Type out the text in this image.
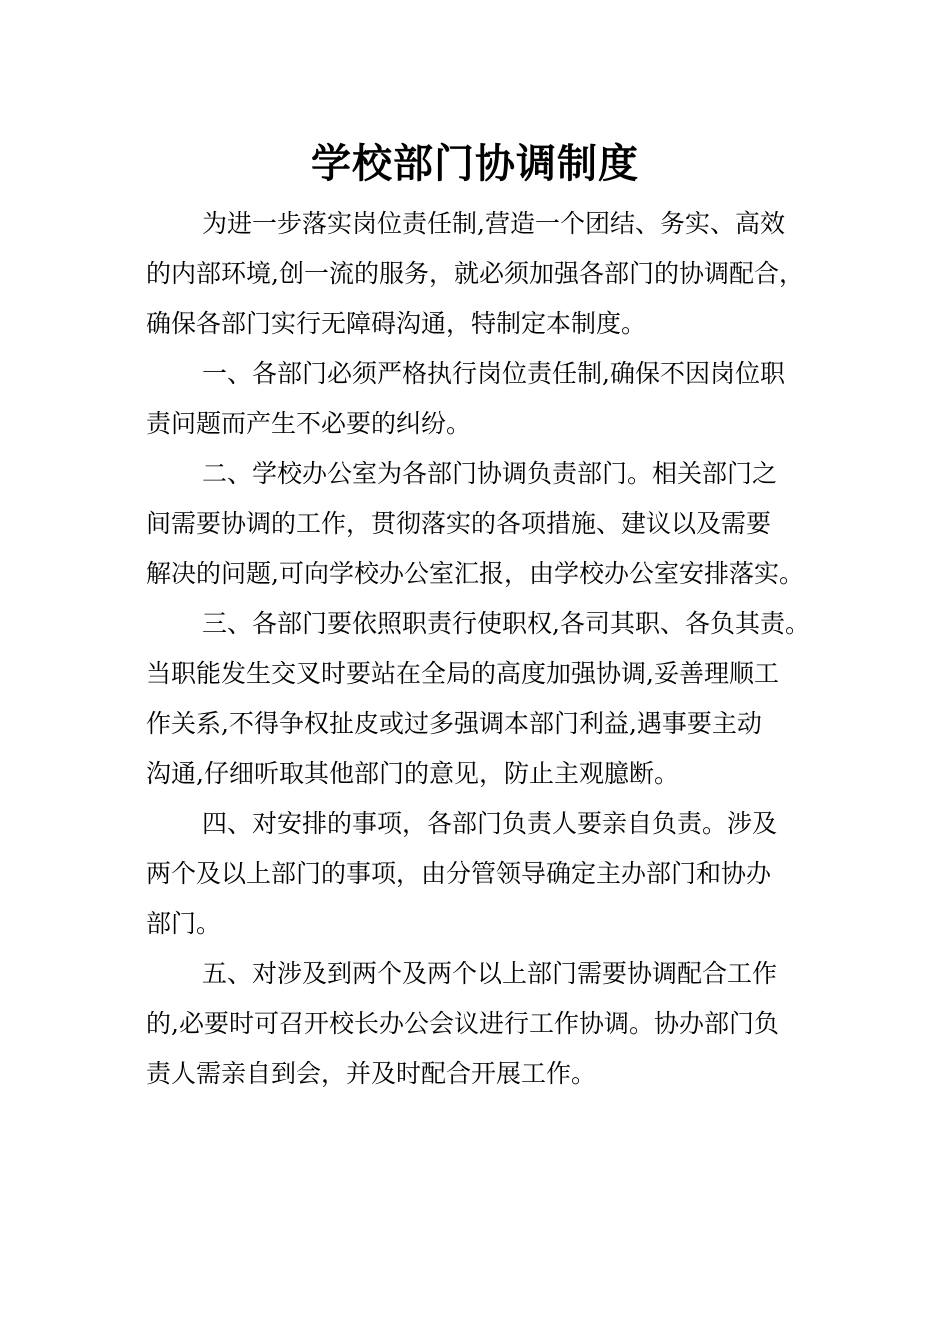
学校部门协调制度
为进一步落实岗位责任制,营造一个团结、务实、高效
的内部环境,创一流的服务，就必须加强各部门的协调配合，
确保各部门实行无障碍沟通，特制定本制度。
一、各部门必须严格执行岗位责任制,确保不因岗位职
责问题而产生不必要的纠纷。
二、学校办公室为各部门协调负责部门。相关部门之
间需要协调的工作，贯彻落实的各项措施、建议以及需要
解决的问题,可向学校办公室汇报，由学校办公室安排落实。
三、各部门要依照职责行使职权,各司其职、各负其责。
当职能发生交叉时要站在全局的高度加强协调,妥善理顺工
作关系,不得争权扯皮或过多强调本部门利益,遇事要主动
沟通,仔细听取其他部门的意见，防止主观臆断。
四、对安排的事项，各部门负责人要亲自负责。涉及
两个及以上部门的事项，由分管领导确定主办部门和协办
部门。
五、对涉及到两个及两个以上部门需要协调配合工作
的,必要时可召开校长办公会议进行工作协调。协办部门负
责人需亲自到会，并及时配合开展工作。
